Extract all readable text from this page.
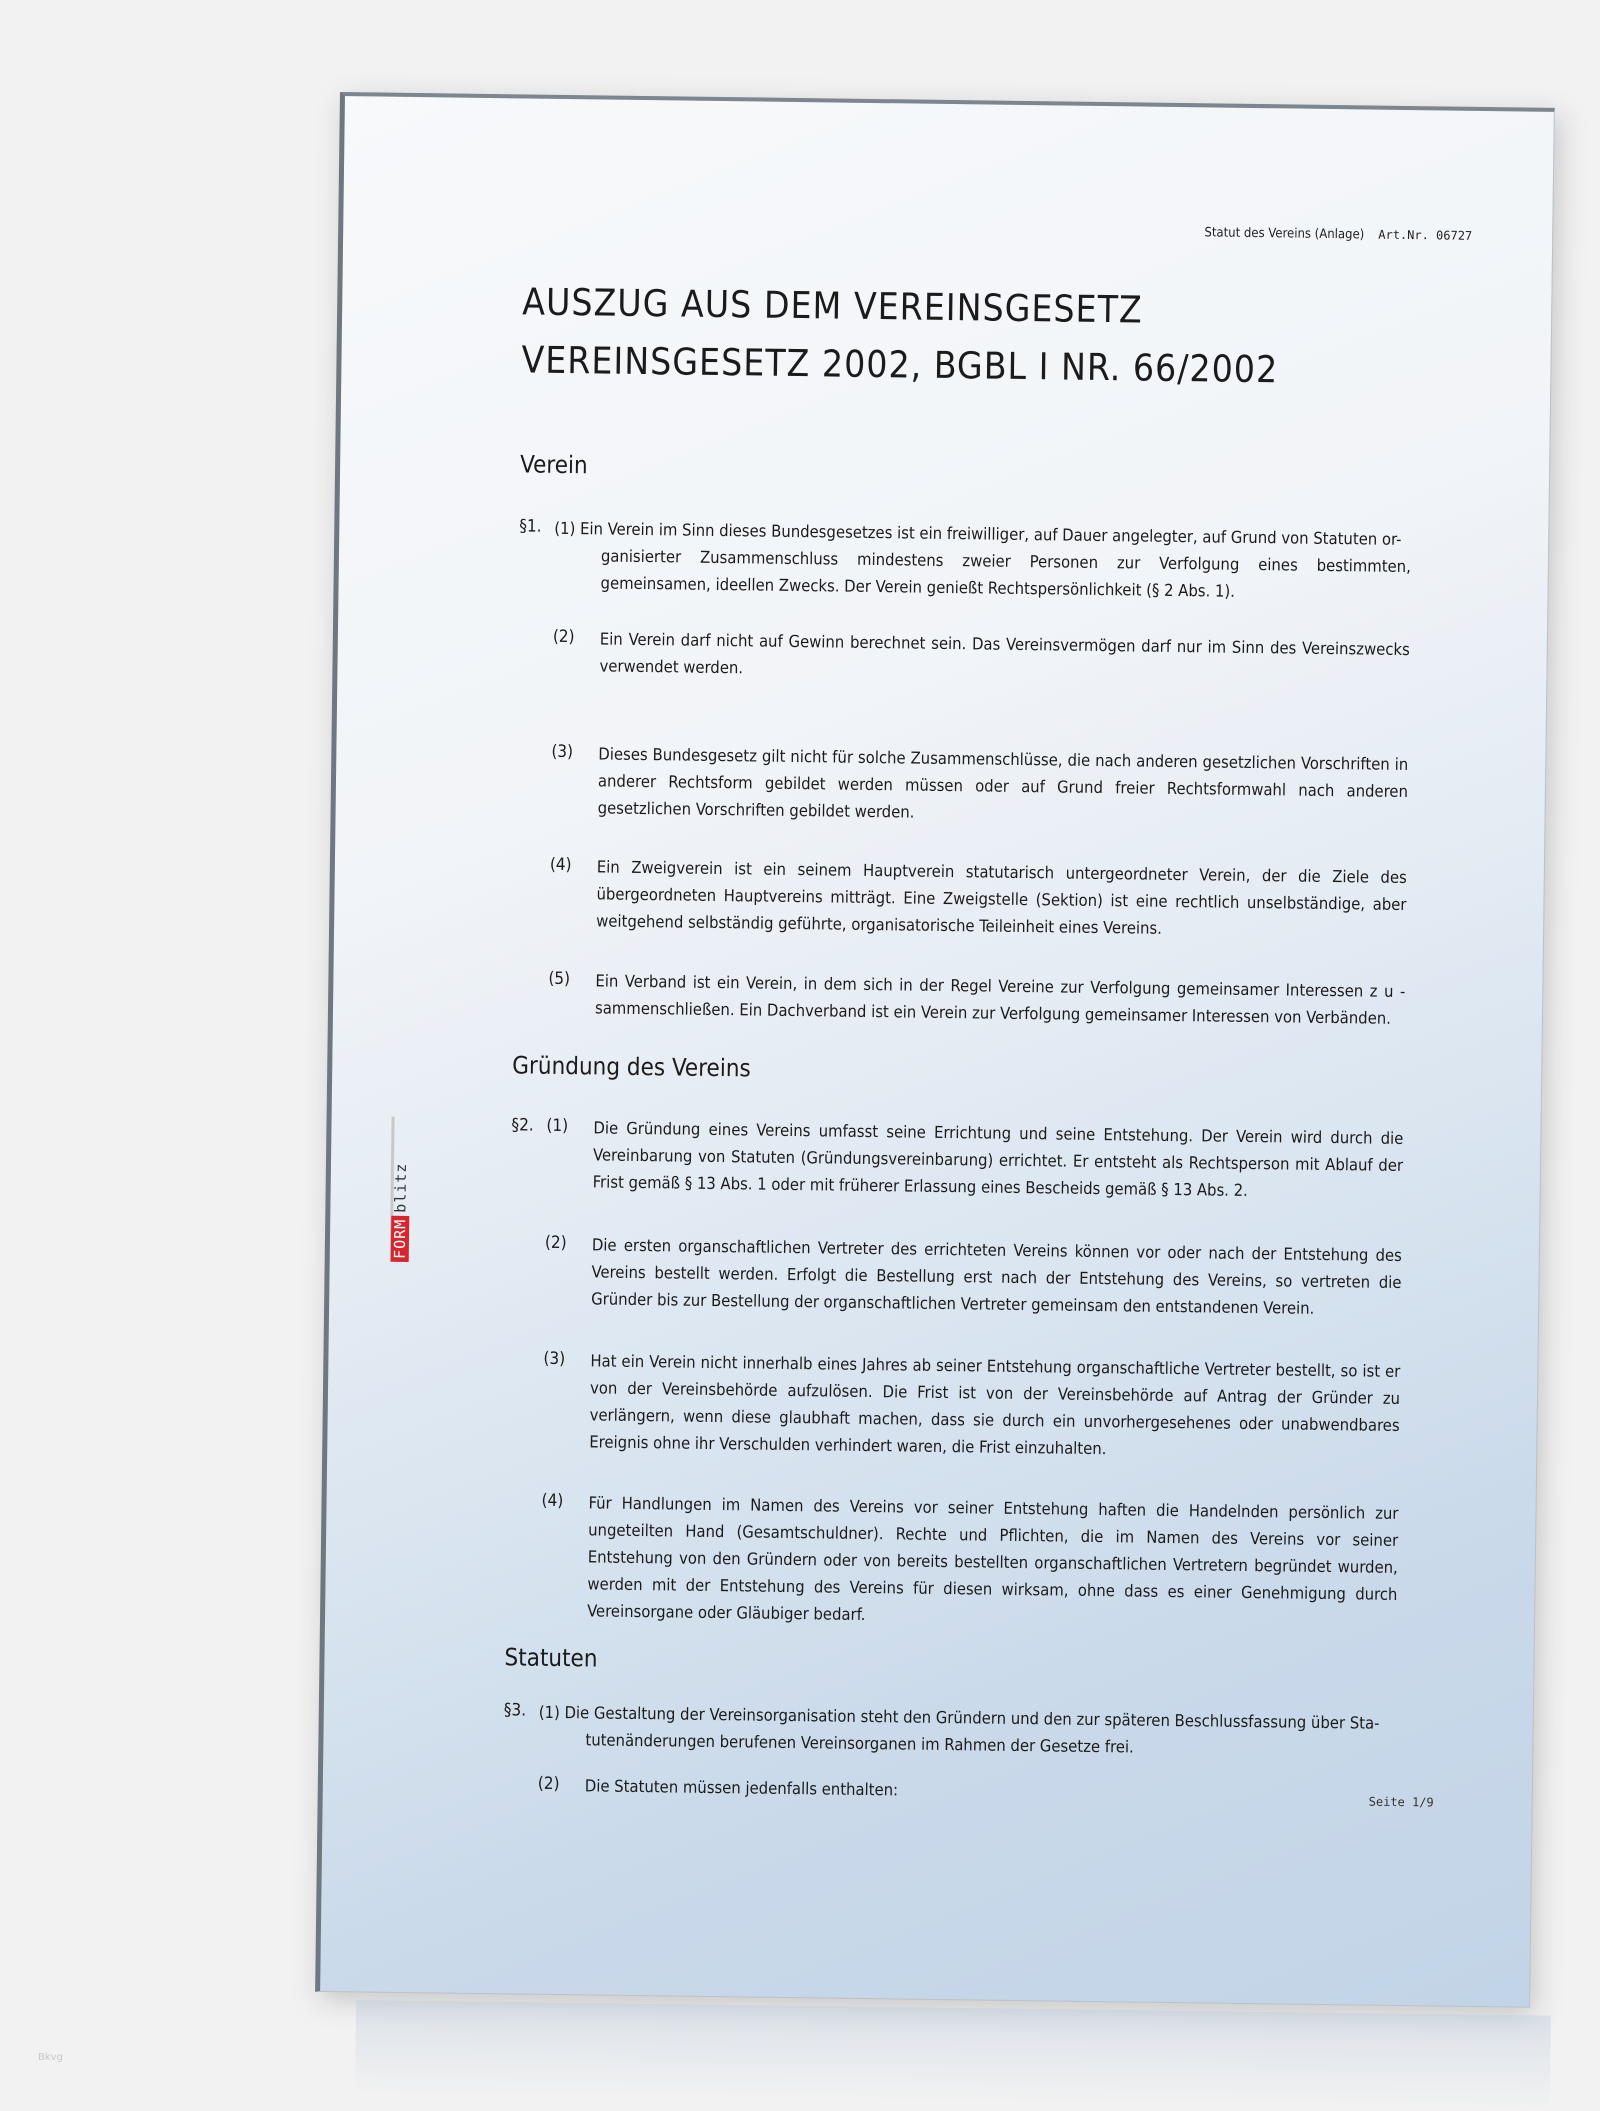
Statut des Vereins (Anlage) Art.Nr. 06727
AUSZUG AUS DEM VEREINSGESETZ
VEREINSGESETZ 2002, BGBL I NR. 66/2002
Verein
§1. (1) Ein Verein im Sinn dieses Bundesgesetzes ist ein freiwilliger, auf Dauer angelegter, auf Grund von Statuten or-
ganisierter Zusammenschluss mindestens zweier Personen zur Verfolgung eines bestimmten, gemeinsamen, ideellen Zwecks. Der Verein genießt Rechtspersönlichkeit (§ 2 Abs. 1).
(2) Ein Verein darf nicht auf Gewinn berechnet sein. Das Vereinsvermögen darf nur im Sinn des Vereinszwecks verwendet werden.
(3) Dieses Bundesgesetz gilt nicht für solche Zusammenschlüsse, die nach anderen gesetzlichen Vorschriften in anderer Rechtsform gebildet werden müssen oder auf Grund freier Rechtsformwahl nach anderen gesetzlichen Vorschriften gebildet werden.
(4) Ein Zweigverein ist ein seinem Hauptverein statutarisch untergeordneter Verein, der die Ziele des übergeordneten Hauptvereins mitträgt. Eine Zweigstelle (Sektion) ist eine rechtlich unselbständige, aber weitgehend selbständig geführte, organisatorische Teileinheit eines Vereins.
(5) Ein Verband ist ein Verein, in dem sich in der Regel Vereine zur Verfolgung gemeinsamer Interessen z u - sammenschließen. Ein Dachverband ist ein Verein zur Verfolgung gemeinsamer Interessen von Verbänden.
Gründung des Vereins
§2. (1) Die Gründung eines Vereins umfasst seine Errichtung und seine Entstehung. Der Verein wird durch die Vereinbarung von Statuten (Gründungsvereinbarung) errichtet. Er entsteht als Rechtsperson mit Ablauf der Frist gemäß § 13 Abs. 1 oder mit früherer Erlassung eines Bescheids gemäß § 13 Abs. 2.
(2) Die ersten organschaftlichen Vertreter des errichteten Vereins können vor oder nach der Entstehung des Vereins bestellt werden. Erfolgt die Bestellung erst nach der Entstehung des Vereins, so vertreten die Gründer bis zur Bestellung der organschaftlichen Vertreter gemeinsam den entstandenen Verein.
(3) Hat ein Verein nicht innerhalb eines Jahres ab seiner Entstehung organschaftliche Vertreter bestellt, so ist er von der Vereinsbehörde aufzulösen. Die Frist ist von der Vereinsbehörde auf Antrag der Gründer zu verlängern, wenn diese glaubhaft machen, dass sie durch ein unvorhergesehenes oder unabwendbares Ereignis ohne ihr Verschulden verhindert waren, die Frist einzuhalten.
(4) Für Handlungen im Namen des Vereins vor seiner Entstehung haften die Handelnden persönlich zur ungeteilten Hand (Gesamtschuldner). Rechte und Pflichten, die im Namen des Vereins vor seiner Entstehung von den Gründern oder von bereits bestellten organschaftlichen Vertretern begründet wurden, werden mit der Entstehung des Vereins für diesen wirksam, ohne dass es einer Genehmigung durch Vereinsorgane oder Gläubiger bedarf.
Statuten
§3. (1) Die Gestaltung der Vereinsorganisation steht den Gründern und den zur späteren Beschlussfassung über Sta-
tutenänderungen berufenen Vereinsorganen im Rahmen der Gesetze frei.
(2) Die Statuten müssen jedenfalls enthalten:
Seite 1/9
FORMblitz
Bkvg
